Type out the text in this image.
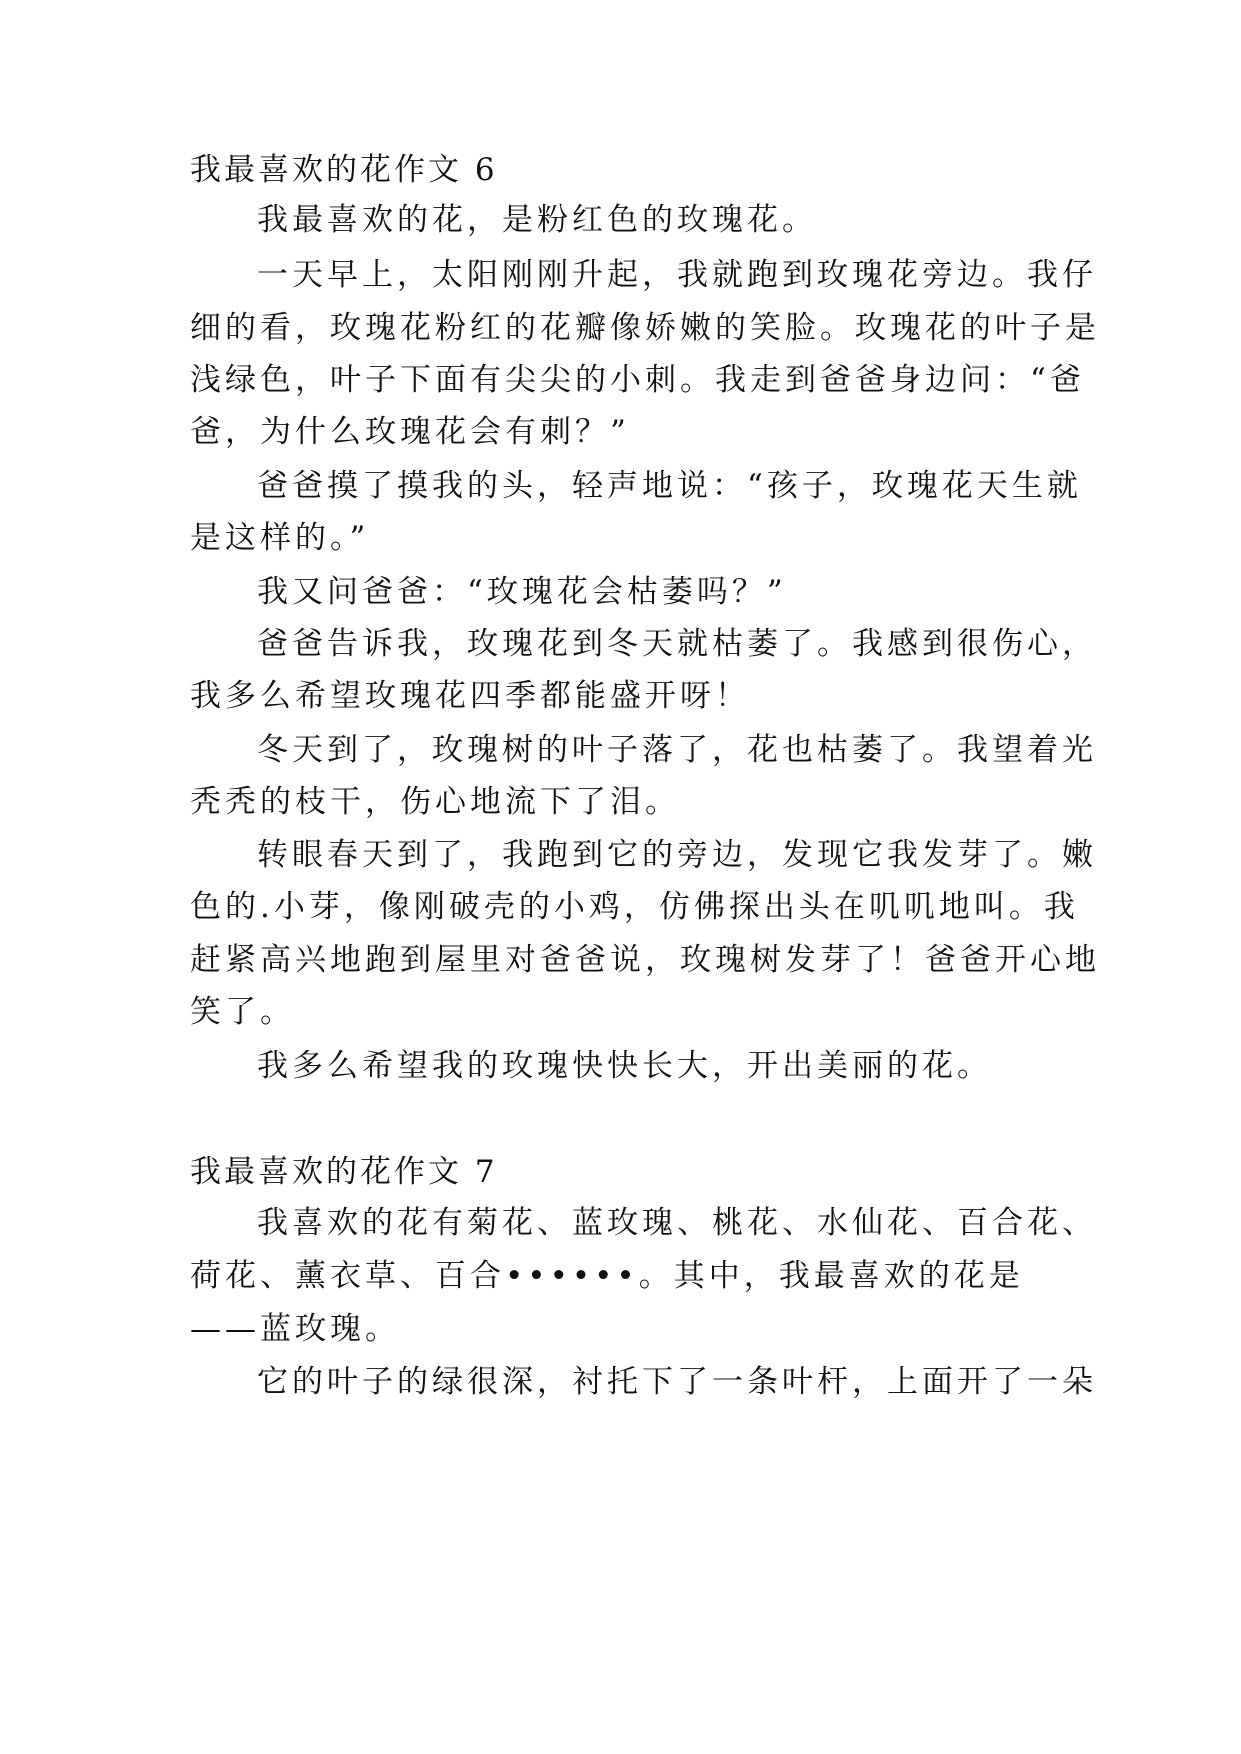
我最喜欢的花作文 6
我最喜欢的花，是粉红色的玫瑰花。
一天早上，太阳刚刚升起，我就跑到玫瑰花旁边。我仔
细的看，玫瑰花粉红的花瓣像娇嫩的笑脸。玫瑰花的叶子是
浅绿色，叶子下面有尖尖的小刺。我走到爸爸身边问：“爸
爸，为什么玫瑰花会有刺？”
爸爸摸了摸我的头，轻声地说：“孩子，玫瑰花天生就
是这样的。”
我又问爸爸：“玫瑰花会枯萎吗？”
爸爸告诉我，玫瑰花到冬天就枯萎了。我感到很伤心，
我多么希望玫瑰花四季都能盛开呀！
冬天到了，玫瑰树的叶子落了，花也枯萎了。我望着光
秃秃的枝干，伤心地流下了泪。
转眼春天到了，我跑到它的旁边，发现它我发芽了。嫩
色的.小芽，像刚破壳的小鸡，仿佛探出头在叽叽地叫。我
赶紧高兴地跑到屋里对爸爸说，玫瑰树发芽了！爸爸开心地
笑了。
我多么希望我的玫瑰快快长大，开出美丽的花。
我最喜欢的花作文 7
我喜欢的花有菊花、蓝玫瑰、桃花、水仙花、百合花、
荷花、薰衣草、百合••••••。其中，我最喜欢的花是
——蓝玫瑰。
它的叶子的绿很深，衬托下了一条叶杆，上面开了一朵
